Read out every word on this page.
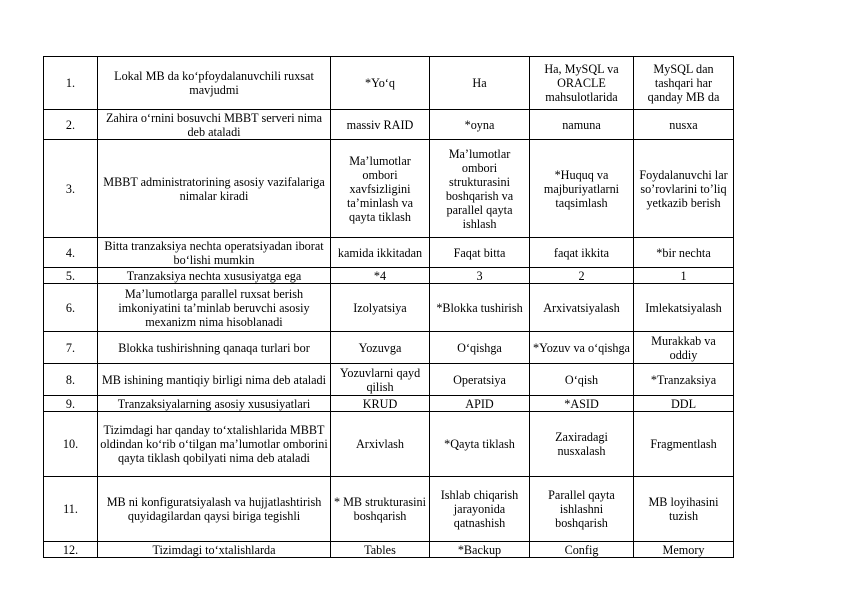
1.	Lokal MB da ko‘pfoydalanuvchili ruxsat mavjudmi	*Yo‘q	Ha	Ha, MySQL va ORACLE mahsulotlarida	MySQL dan tashqari har qanday MB da
2.	Zahira o‘rnini bosuvchi MBBT serveri nima deb ataladi	massiv RAID	*oyna	namuna	nusxa
3.	MBBT administratorining asosiy vazifalariga nimalar kiradi	Ma’lumotlar ombori xavfsizligini ta’minlash va qayta tiklash	Ma’lumotlar ombori strukturasini boshqarish va parallel qayta ishlash	*Huquq va majburiyatlarni taqsimlash	Foydalanuvchi lar so’rovlarini to’liq yetkazib berish
4.	Bitta tranzaksiya nechta operatsiyadan iborat bo‘lishi mumkin	kamida ikkitadan	Faqat bitta	faqat ikkita	*bir nechta
5.	Tranzaksiya nechta xususiyatga ega	*4	3	2	1
6.	Ma’lumotlarga parallel ruxsat berish imkoniyatini ta’minlab beruvchi asosiy mexanizm nima hisoblanadi	Izolyatsiya	*Blokka tushirish	Arxivatsiyalash	Imlekatsiyalash
7.	Blokka tushirishning qanaqa turlari bor	Yozuvga	O‘qishga	*Yozuv va o‘qishga	Murakkab va oddiy
8.	MB ishining mantiqiy birligi nima deb ataladi	Yozuvlarni qayd qilish	Operatsiya	O‘qish	*Tranzaksiya
9.	Tranzaksiyalarning asosiy xususiyatlari	KRUD	APID	*ASID	DDL
10.	Tizimdagi har qanday to‘xtalishlarida MBBT oldindan ko‘rib o‘tilgan ma’lumotlar omborini qayta tiklash qobilyati nima deb ataladi	Arxivlash	*Qayta tiklash	Zaxiradagi nusxalash	Fragmentlash
11.	MB ni konfiguratsiyalash va hujjatlashtirish quyidagilardan qaysi biriga tegishli	* MB strukturasini boshqarish	Ishlab chiqarish jarayonida qatnashish	Parallel qayta ishlashni boshqarish	MB loyihasini tuzish
12.	Tizimdagi to‘xtalishlarda	Tables	*Backup	Config	Memory
